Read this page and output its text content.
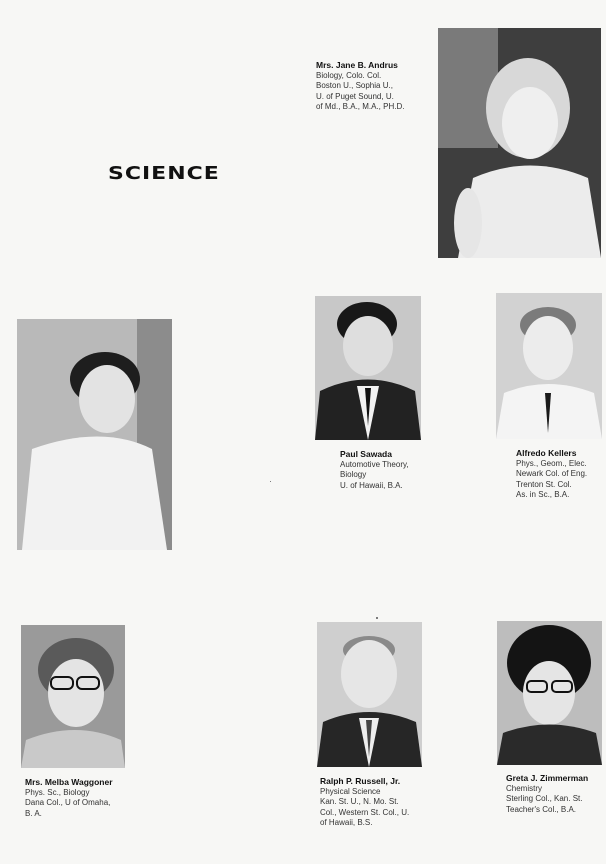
SCIENCE
Mrs. Jane B. Andrus
Biology, Colo. Col.
Boston U., Sophia U.,
U. of Puget Sound, U.
of Md., B.A., M.A., PH.D.
Paul Sawada
Automotive Theory,
Biology
U. of Hawaii, B.A.
Alfredo Kellers
Phys., Geom., Elec.
Newark Col. of Eng.
Trenton St. Col.
As. in Sc., B.A.
Mrs. Melba Waggoner
Phys. Sc., Biology
Dana Col., U of Omaha,
B. A.
Ralph P. Russell, Jr.
Physical Science
Kan. St. U., N. Mo. St.
Col., Western St. Col., U.
of Hawaii, B.S.
Greta J. Zimmerman
Chemistry
Sterling Col., Kan. St.
Teacher's Col., B.A.
